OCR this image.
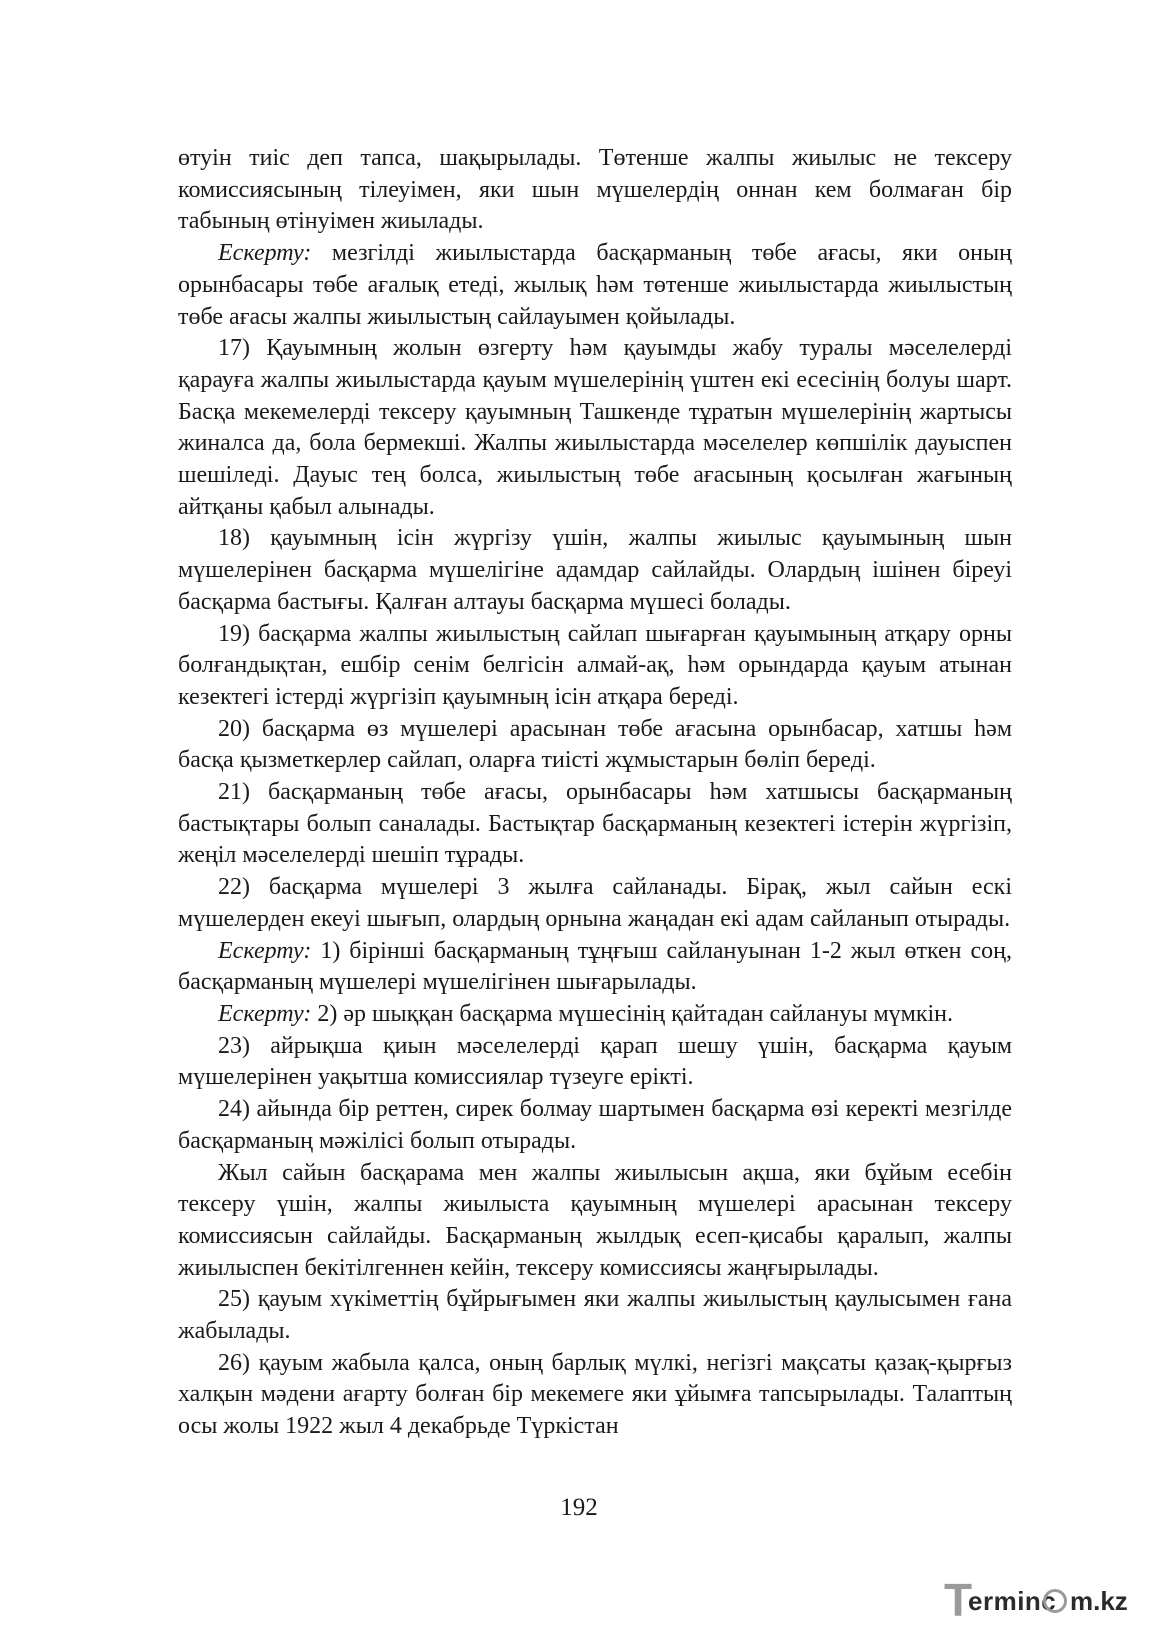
өтуін тиіс деп тапса, шақырылады. Төтенше жалпы жиылыс не тексеру комиссиясының тілеуімен, яки шын мүшелердің оннан кем болмаған бір табының өтінуімен жиылады.

Ескерту: мезгілді жиылыстарда басқарманың төбе ағасы, яки оның орынбасары төбе ағалық етеді, жылық һәм төтенше жиылыстарда жиылыстың төбе ағасы жалпы жиылыстың сайлауымен қойылады.

17) Қауымның жолын өзгерту һәм қауымды жабу туралы мәселелерді қарауға жалпы жиылыстарда қауым мүшелерінің үштен екі есесінің болуы шарт. Басқа мекемелерді тексеру қауымның Ташкенде тұратын мүшелерінің жартысы жиналса да, бола бермекші. Жалпы жиылыстарда мәселелер көпшілік дауыспен шешіледі. Дауыс тең болса, жиылыстың төбе ағасының қосылған жағының айтқаны қабыл алынады.

18) қауымның ісін жүргізу үшін, жалпы жиылыс қауымының шын мүшелерінен басқарма мүшелігіне адамдар сайлайды. Олардың ішінен біреуі басқарма бастығы. Қалған алтауы басқарма мүшесі болады.

19) басқарма жалпы жиылыстың сайлап шығарған қауымының атқару орны болғандықтан, ешбір сенім белгісін алмай-ақ, һәм орындарда қауым атынан кезектегі істерді жүргізіп қауымның ісін атқара береді.

20) басқарма өз мүшелері арасынан төбе ағасына орынбасар, хатшы һәм басқа қызметкерлер сайлап, оларға тиісті жұмыстарын бөліп береді.

21) басқарманың төбе ағасы, орынбасары һәм хатшысы басқарманың бастықтары болып саналады. Бастықтар басқарманың кезектегі істерін жүргізіп, жеңіл мәселелерді шешіп тұрады.

22) басқарма мүшелері 3 жылға сайланады. Бірақ, жыл сайын ескі мүшелерден екеуі шығып, олардың орнына жаңадан екі адам сайланып отырады.

Ескерту: 1) бірінші басқарманың тұңғыш сайлануынан 1-2 жыл өткен соң, басқарманың мүшелері мүшелігінен шығарылады.

Ескерту: 2) әр шыққан басқарма мүшесінің қайтадан сайлануы мүмкін.

23) айрықша қиын мәселелерді қарап шешу үшін, басқарма қауым мүшелерінен уақытша комиссиялар түзеуге ерікті.

24) айында бір реттен, сирек болмау шартымен басқарма өзі керекті мезгілде басқарманың мәжілісі болып отырады.

Жыл сайын басқарама мен жалпы жиылысын ақша, яки бұйым есебін тексеру үшін, жалпы жиылыста қауымның мүшелері арасынан тексеру комиссиясын сайлайды. Басқарманың жылдық есеп-қисабы қаралып, жалпы жиылыспен бекітілгеннен кейін, тексеру комиссиясы жаңғырылады.

25) қауым хүкіметтің бұйрығымен яки жалпы жиылыстың қаулысымен ғана жабылады.

26) қауым жабыла қалса, оның барлық мүлкі, негізгі мақсаты қазақ-қырғыз халқын мәдени ағарту болған бір мекемеге яки ұйымға тапсырылады. Талаптың осы жолы 1922 жыл 4 декабрьде Түркістан

192
T
erminc m.kz
